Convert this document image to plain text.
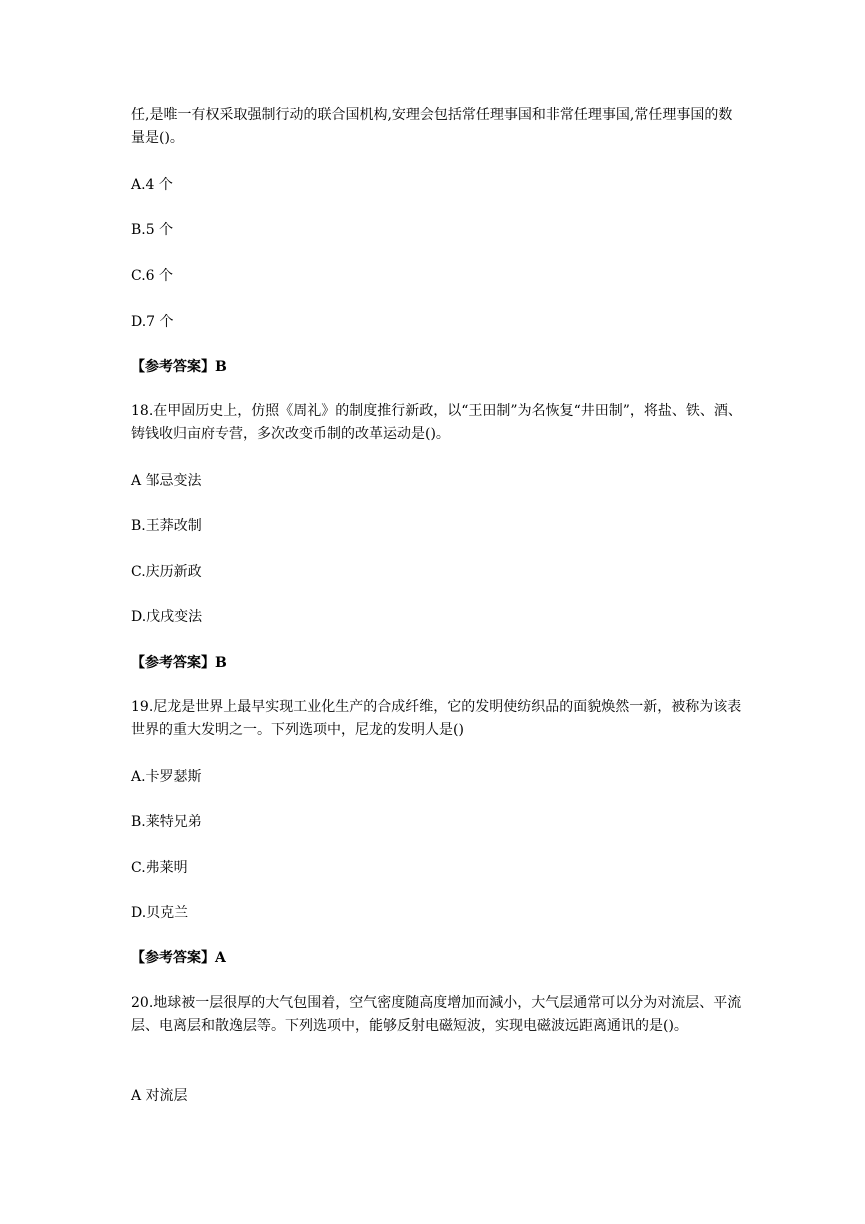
任,是唯一有权采取强制行动的联合国机构,安理会包括常任理事国和非常任理事国,常任理事国的数量是()。
A.4 个
B.5 个
C.6 个
D.7 个
【参考答案】B
18.在甲固历史上，仿照《周礼》的制度推行新政，以“王田制”为名恢复“井田制”，将盐、铁、酒、铸钱收归亩府专营，多次改变币制的改革运动是()。
A 邹忌变法
B.王莽改制
C.庆历新政
D.戊戌变法
【参考答案】B
19.尼龙是世界上最早实现工业化生产的合成纤维，它的发明使纺织品的面貌焕然一新，被称为该表世界的重大发明之一。下列选项中，尼龙的发明人是()
A.卡罗瑟斯
B.莱特兄弟
C.弗莱明
D.贝克兰
【参考答案】A
20.地球被一层很厚的大气包围着，空气密度随高度增加而減小，大气层通常可以分为对流层、平流层、电离层和散逸层等。下列选项中，能够反射电磁短波，实现电磁波远距离通讯的是()。
A 对流层
